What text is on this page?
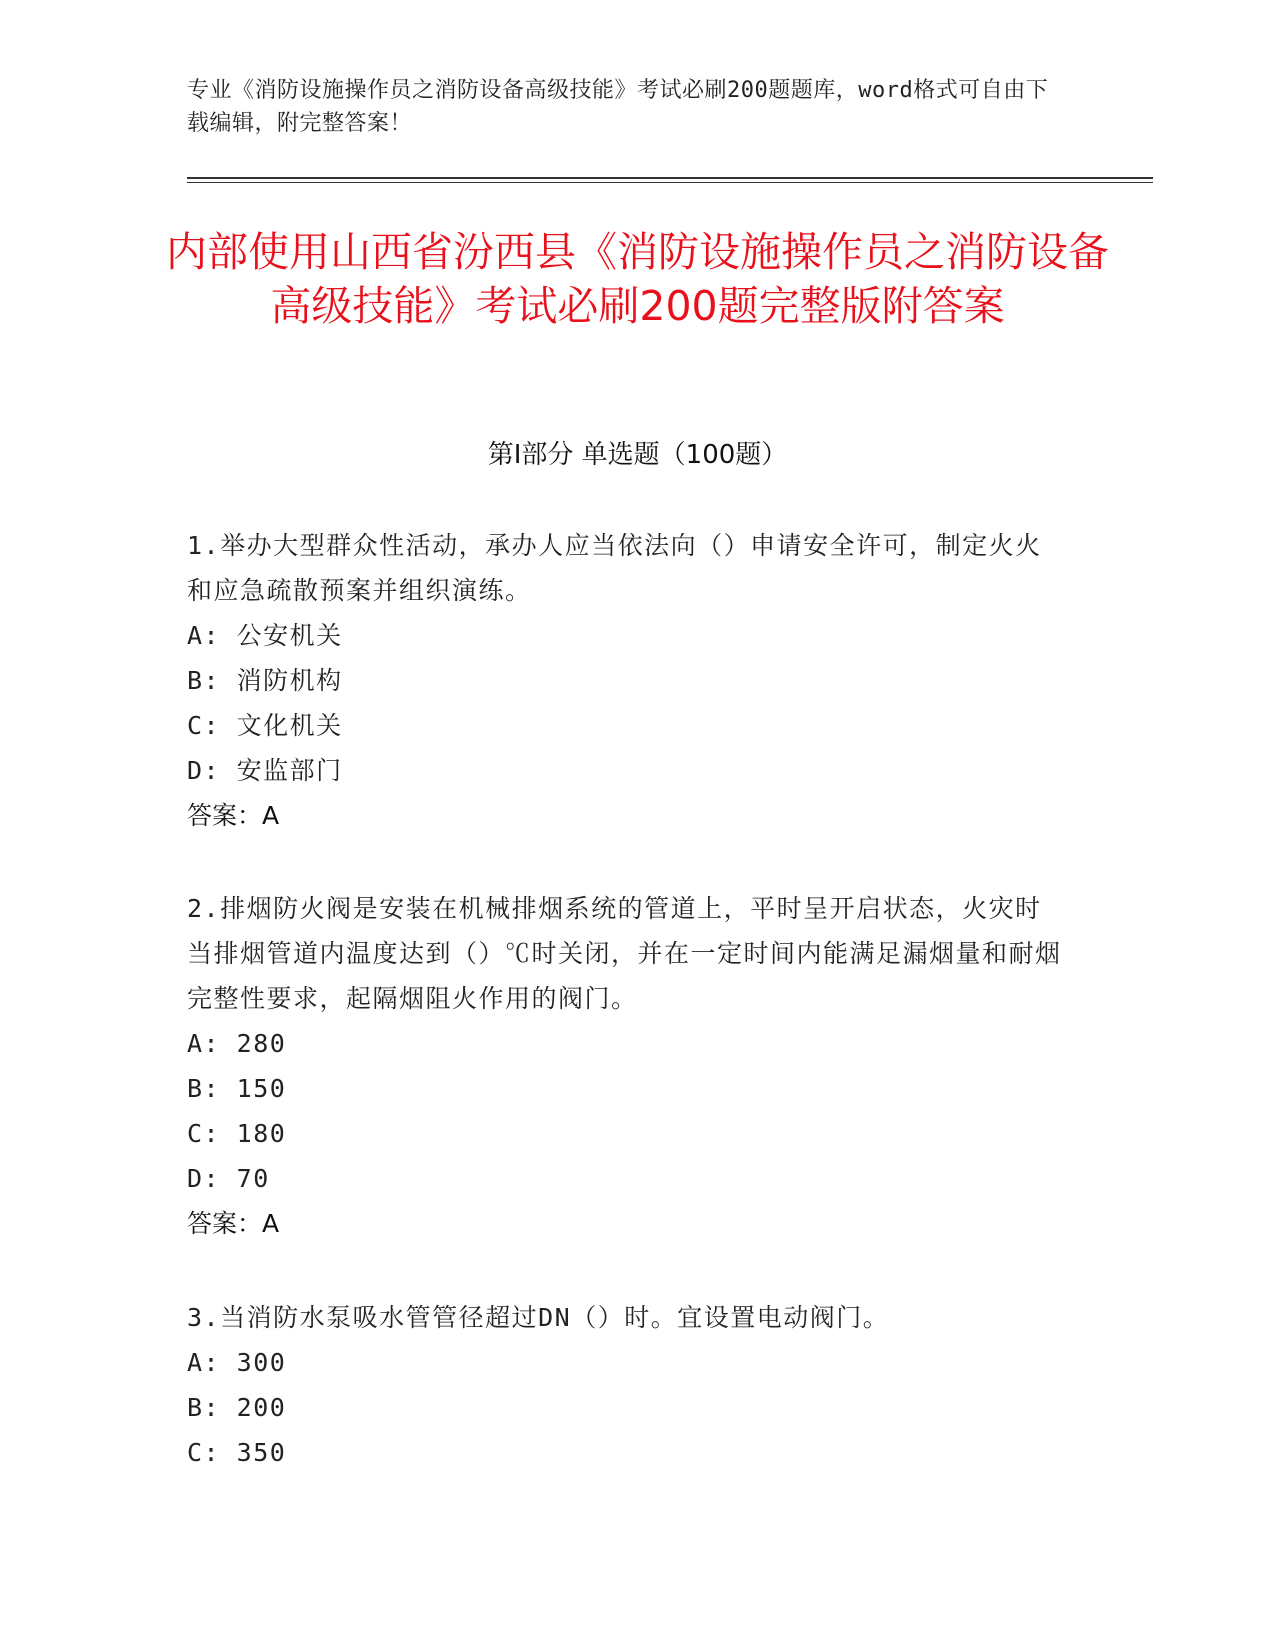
专业《消防设施操作员之消防设备高级技能》考试必刷200题题库，word格式可自由下载编辑，附完整答案！
内部使用山西省汾西县《消防设施操作员之消防设备高级技能》考试必刷200题完整版附答案
第I部分 单选题（100题）
1.举办大型群众性活动，承办人应当依法向（）申请安全许可，制定火火和应急疏散预案并组织演练。
A: 公安机关
B: 消防机构
C: 文化机关
D: 安监部门
答案：A
2.排烟防火阀是安装在机械排烟系统的管道上，平时呈开启状态，火灾时当排烟管道内温度达到（）℃时关闭，并在一定时间内能满足漏烟量和耐烟完整性要求，起隔烟阻火作用的阀门。
A: 280
B: 150
C: 180
D: 70
答案：A
3.当消防水泵吸水管管径超过DN（）时。宜设置电动阀门。
A: 300
B: 200
C: 350
